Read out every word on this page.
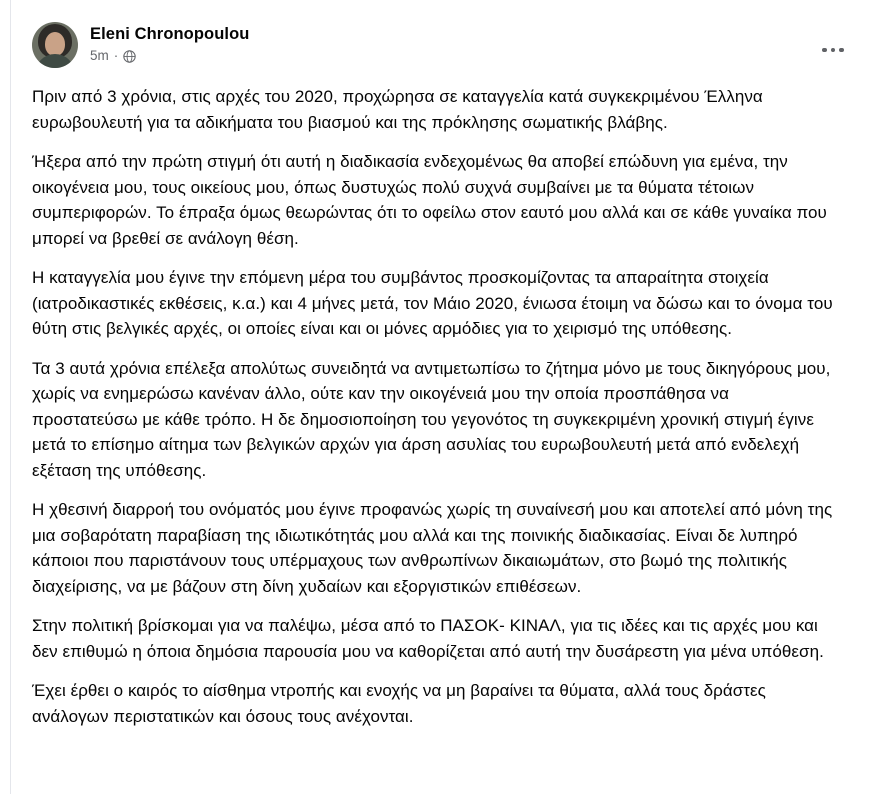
Eleni Chronopoulou
5m ·

Πριν από 3 χρόνια, στις αρχές του 2020, προχώρησα σε καταγγελία κατά συγκεκριμένου Έλληνα ευρωβουλευτή για τα αδικήματα του βιασμού και της πρόκλησης σωματικής βλάβης.

Ήξερα από την πρώτη στιγμή ότι αυτή η διαδικασία ενδεχομένως θα αποβεί επώδυνη για εμένα, την οικογένεια μου, τους οικείους μου, όπως δυστυχώς πολύ συχνά συμβαίνει με τα θύματα τέτοιων συμπεριφορών. Το έπραξα όμως θεωρώντας ότι το οφείλω στον εαυτό μου αλλά και σε κάθε γυναίκα που μπορεί να βρεθεί σε ανάλογη θέση.

Η καταγγελία μου έγινε την επόμενη μέρα του συμβάντος προσκομίζοντας τα απαραίτητα στοιχεία (ιατροδικαστικές εκθέσεις, κ.α.) και 4 μήνες μετά, τον Μάιο 2020, ένιωσα έτοιμη να δώσω και το όνομα του θύτη στις βελγικές αρχές, οι οποίες είναι και οι μόνες αρμόδιες για το χειρισμό της υπόθεσης.

Τα 3 αυτά χρόνια επέλεξα απολύτως συνειδητά να αντιμετωπίσω το ζήτημα μόνο με τους δικηγόρους μου, χωρίς να ενημερώσω κανέναν άλλο, ούτε καν την οικογένειά μου την οποία προσπάθησα να προστατεύσω με κάθε τρόπο. Η δε δημοσιοποίηση του γεγονότος τη συγκεκριμένη χρονική στιγμή έγινε μετά το επίσημο αίτημα των βελγικών αρχών για άρση ασυλίας του ευρωβουλευτή μετά από ενδελεχή εξέταση της υπόθεσης.

Η χθεσινή διαρροή του ονόματός μου έγινε προφανώς χωρίς τη συναίνεσή μου και αποτελεί από μόνη της μια σοβαρότατη παραβίαση της ιδιωτικότητάς μου αλλά και της ποινικής διαδικασίας. Είναι δε λυπηρό κάποιοι που παριστάνουν τους υπέρμαχους των ανθρωπίνων δικαιωμάτων, στο βωμό της πολιτικής διαχείρισης, να με βάζουν στη δίνη χυδαίων και εξοργιστικών επιθέσεων.

Στην πολιτική βρίσκομαι για να παλέψω, μέσα από το ΠΑΣΟΚ- ΚΙΝΑΛ, για τις ιδέες και τις αρχές μου και δεν επιθυμώ η όποια δημόσια παρουσία μου να καθορίζεται από αυτή την δυσάρεστη για μένα υπόθεση.

Έχει έρθει ο καιρός το αίσθημα ντροπής και ενοχής να μη βαραίνει τα θύματα, αλλά τους δράστες ανάλογων περιστατικών και όσους τους ανέχονται.
